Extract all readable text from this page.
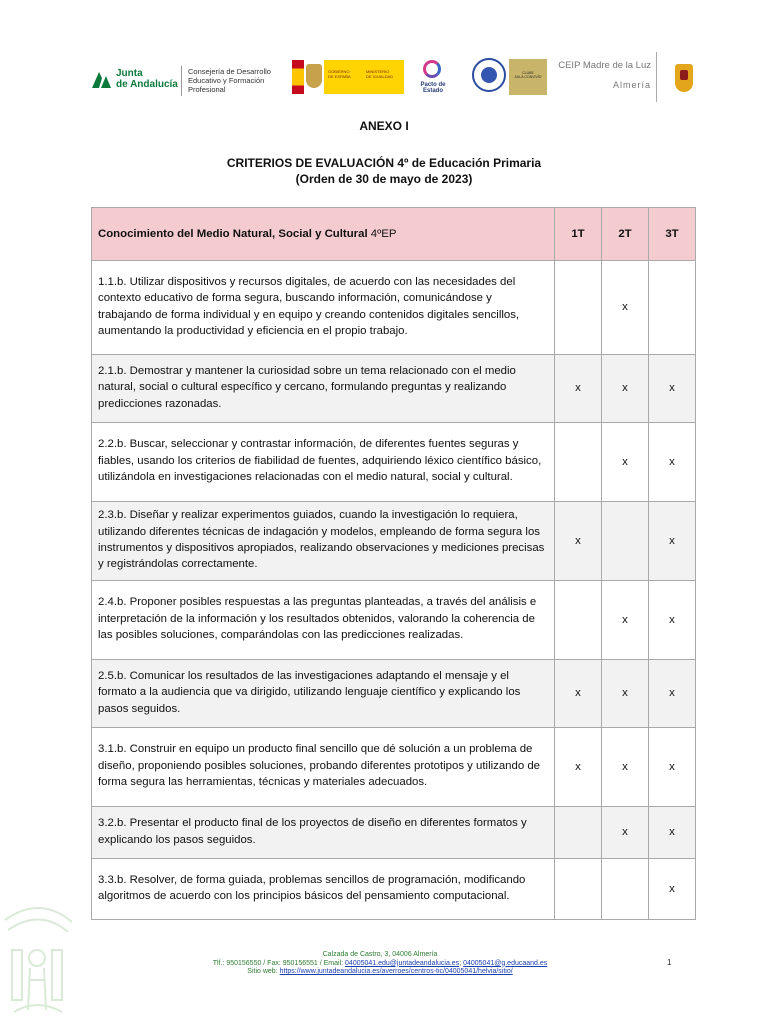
Junta
de Andalucía
Consejería de Desarrollo
Educativo y Formación
Profesional
GOBIERNO
DE ESPAÑA
MINISTERIO
DE IGUALDAD
Pacto de Estado
CLUBE
AULA CONVIVÍO
CEIP Madre de la Luz
Almería
ANEXO I
CRITERIOS DE EVALUACIÓN 4º de Educación Primaria
(Orden de 30 de mayo de 2023)
Conocimiento del Medio Natural, Social y Cultural 4ºEP	1T	2T	3T
1.1.b. Utilizar dispositivos y recursos digitales, de acuerdo con las necesidades del contexto educativo de forma segura, buscando información, comunicándose y trabajando de forma individual y en equipo y creando contenidos digitales sencillos, aumentando la productividad y eficiencia en el propio trabajo.		x	
2.1.b. Demostrar y mantener la curiosidad sobre un tema relacionado con el medio natural, social o cultural específico y cercano, formulando preguntas y realizando predicciones razonadas.	x	x	x
2.2.b. Buscar, seleccionar y contrastar información, de diferentes fuentes seguras y fiables, usando los criterios de fiabilidad de fuentes, adquiriendo léxico científico básico, utilizándola en investigaciones relacionadas con el medio natural, social y cultural.		x	x
2.3.b. Diseñar y realizar experimentos guiados, cuando la investigación lo requiera, utilizando diferentes técnicas de indagación y modelos, empleando de forma segura los instrumentos y dispositivos apropiados, realizando observaciones y mediciones precisas y registrándolas correctamente.	x		x
2.4.b. Proponer posibles respuestas a las preguntas planteadas, a través del análisis e interpretación de la información y los resultados obtenidos, valorando la coherencia de las posibles soluciones, comparándolas con las predicciones realizadas.		x	x
2.5.b. Comunicar los resultados de las investigaciones adaptando el mensaje y el formato a la audiencia que va dirigido, utilizando lenguaje científico y explicando los pasos seguidos.	x	x	x
3.1.b. Construir en equipo un producto final sencillo que dé solución a un problema de diseño, proponiendo posibles soluciones, probando diferentes prototipos y utilizando de forma segura las herramientas, técnicas y materiales adecuados.	x	x	x
3.2.b. Presentar el producto final de los proyectos de diseño en diferentes formatos y explicando los pasos seguidos.		x	x
3.3.b. Resolver, de forma guiada, problemas sencillos de programación, modificando algoritmos de acuerdo con los principios básicos del pensamiento computacional.			x
Calzada de Castro, 3, 04006 Almería
Tlf.: 950156550 / Fax: 950156551 / Email: 04005041.edu@juntadeandalucia.es; 04005041@g.educaand.es
Sitio web: https://www.juntadeandalucia.es/averroes/centros-tic/04005041/helvia/sitio/
1
